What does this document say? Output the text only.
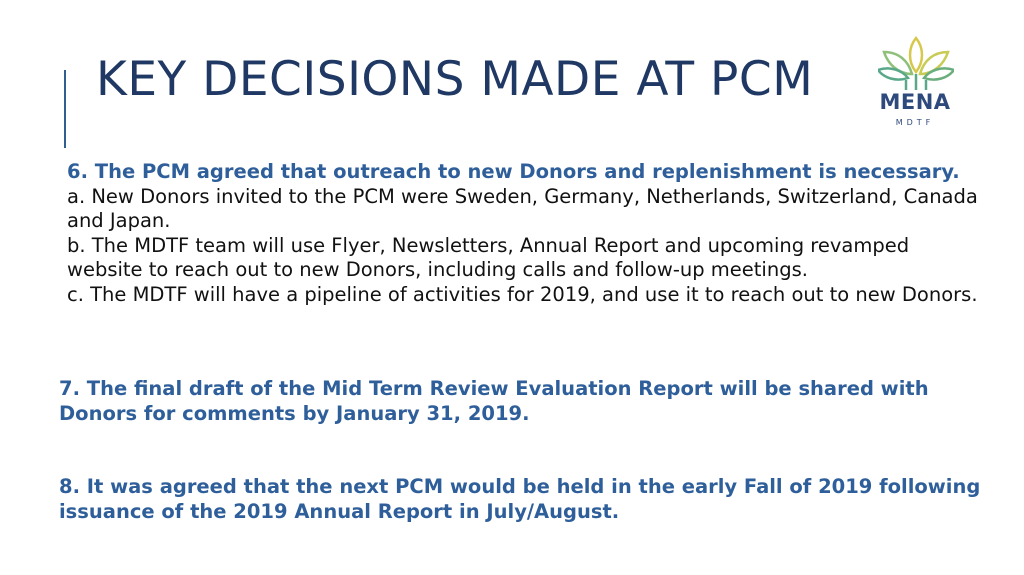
KEY DECISIONS MADE AT PCM	MENA
MDTF
6. The PCM agreed that outreach to new Donors and replenishment is necessary.
a. New Donors invited to the PCM were Sweden, Germany, Netherlands, Switzerland, Canada and Japan.
b. The MDTF team will use Flyer, Newsletters, Annual Report and upcoming revamped website to reach out to new Donors, including calls and follow-up meetings.
c. The MDTF will have a pipeline of activities for 2019, and use it to reach out to new Donors.

7. The final draft of the Mid Term Review Evaluation Report will be shared with Donors for comments by January 31, 2019.

8. It was agreed that the next PCM would be held in the early Fall of 2019 following issuance of the 2019 Annual Report in July/August.
